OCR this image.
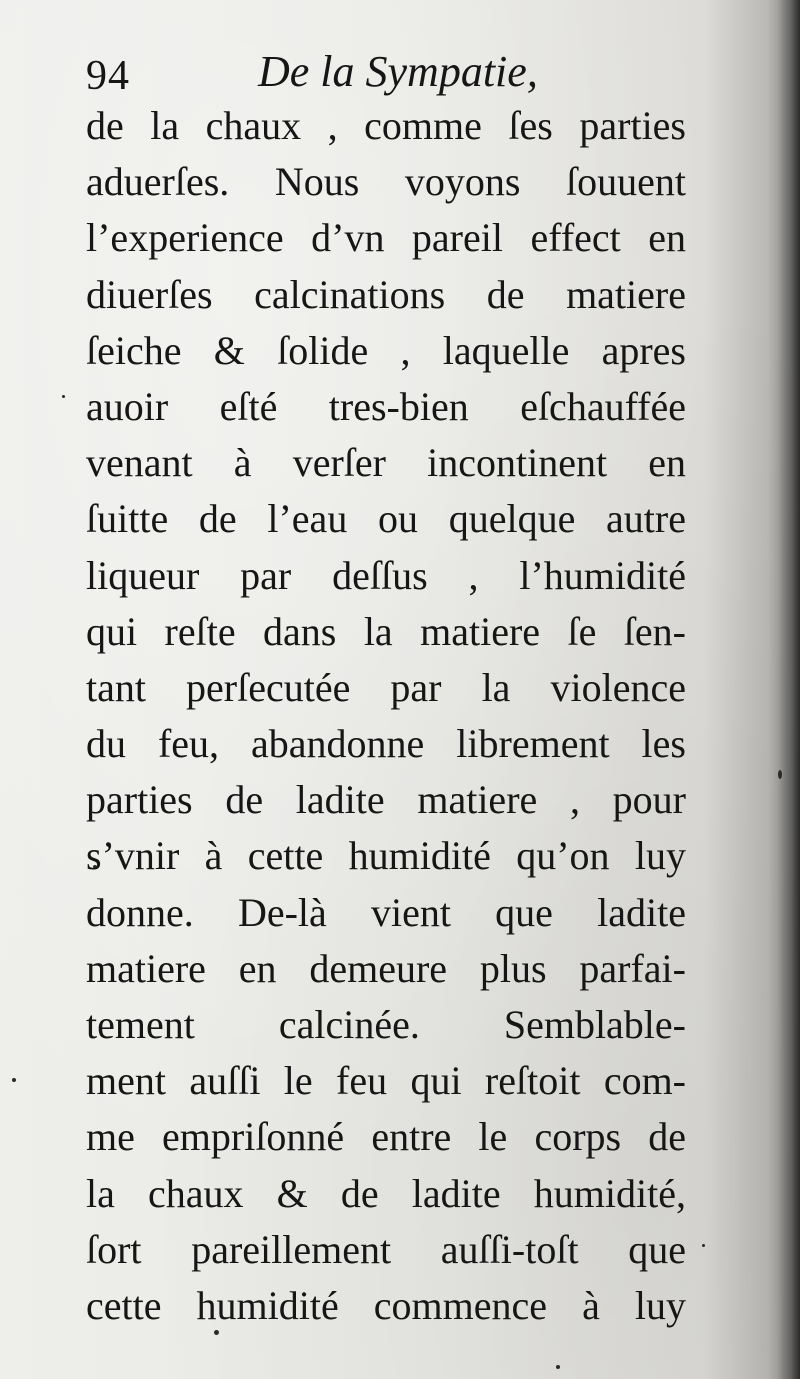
94	De la Sympatie,
de la chaux , comme ſes parties
aduerſes. Nous voyons ſouuent
l’experience d’vn pareil effect en
diuerſes calcinations de matiere
ſeiche & ſolide , laquelle apres
auoir eſté tres-bien eſchauffée
venant à verſer incontinent en
ſuitte de l’eau ou quelque autre
liqueur par deſſus , l’humidité
qui reſte dans la matiere ſe ſen-
tant perſecutée par la violence
du feu, abandonne librement les
parties de ladite matiere , pour
s’vnir à cette humidité qu’on luy
donne. De-là vient que ladite
matiere en demeure plus parfai-
tement calcinée. Semblable-
ment auſſi le feu qui reſtoit com-
me empriſonné entre le corps de
la chaux & de ladite humidité,
ſort pareillement auſſi-toſt que
cette humidité commence à luy
